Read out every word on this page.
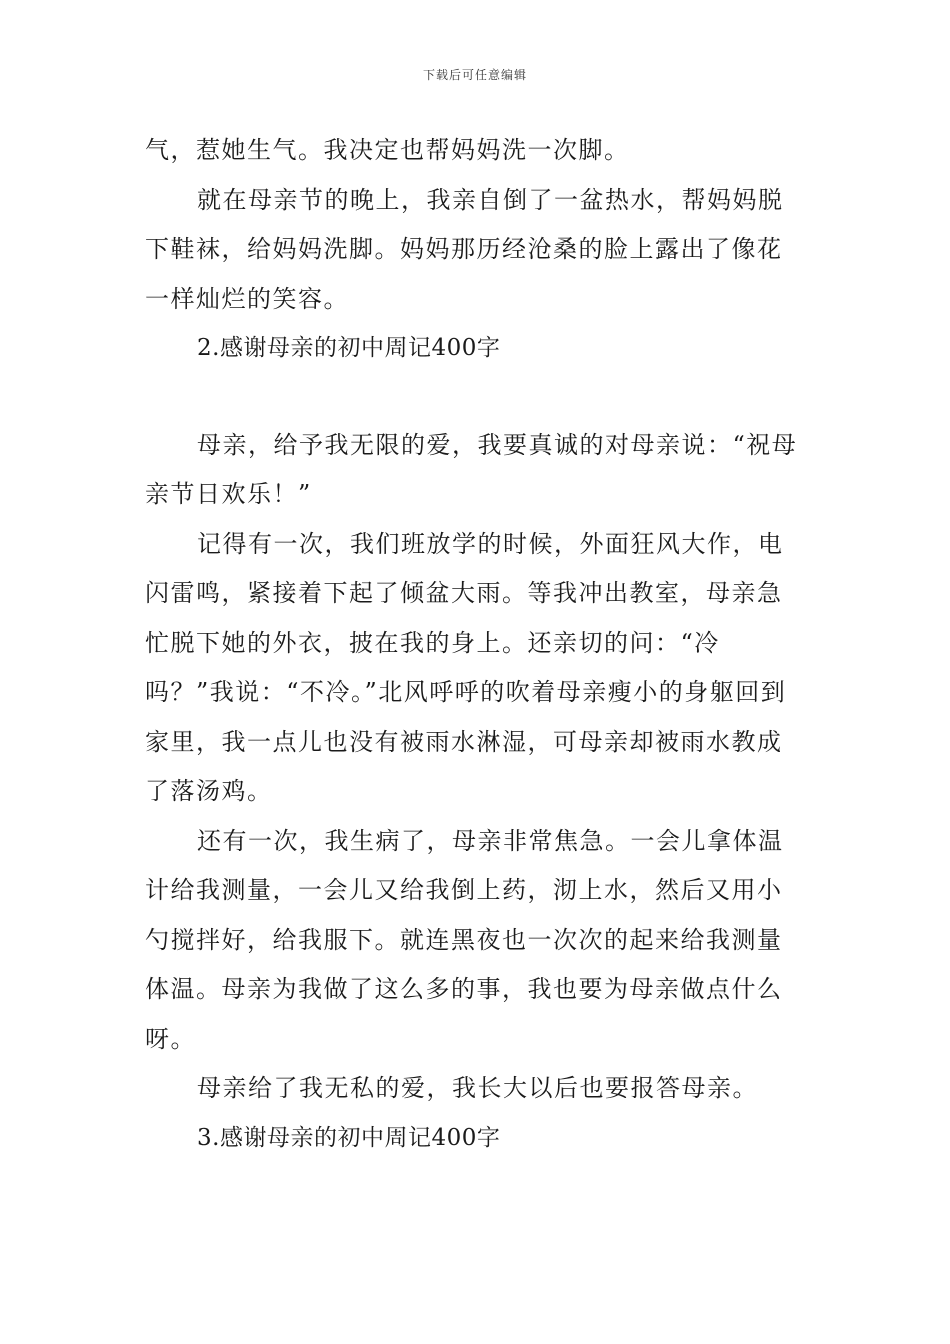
下载后可任意编辑

气，惹她生气。我决定也帮妈妈洗一次脚。

就在母亲节的晚上，我亲自倒了一盆热水，帮妈妈脱下鞋袜，给妈妈洗脚。妈妈那历经沧桑的脸上露出了像花一样灿烂的笑容。

2.感谢母亲的初中周记400字

母亲，给予我无限的爱，我要真诚的对母亲说：“祝母亲节日欢乐！”

记得有一次，我们班放学的时候，外面狂风大作，电闪雷鸣，紧接着下起了倾盆大雨。等我冲出教室，母亲急忙脱下她的外衣，披在我的身上。还亲切的问：“冷吗？”我说：“不冷。”北风呼呼的吹着母亲瘦小的身躯回到家里，我一点儿也没有被雨水淋湿，可母亲却被雨水教成了落汤鸡。

还有一次，我生病了，母亲非常焦急。一会儿拿体温计给我测量，一会儿又给我倒上药，沏上水，然后又用小勺搅拌好，给我服下。就连黑夜也一次次的起来给我测量体温。母亲为我做了这么多的事，我也要为母亲做点什么呀。

母亲给了我无私的爱，我长大以后也要报答母亲。

3.感谢母亲的初中周记400字
